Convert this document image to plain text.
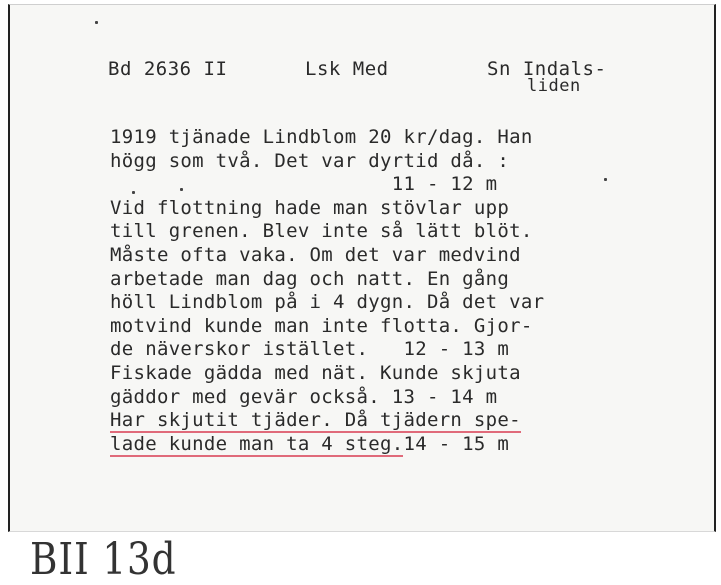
Bd 2636 II	Lsk Med	Sn Indals-
liden
1919 tjänade Lindblom 20 kr/dag. Han
högg som två. Det var dyrtid då. :
11 - 12 m
Vid flottning hade man stövlar upp
till grenen. Blev inte så lätt blöt.
Måste ofta vaka. Om det var medvind
arbetade man dag och natt. En gång
höll Lindblom på i 4 dygn. Då det var
motvind kunde man inte flotta. Gjor-
de näverskor istället.   12 - 13 m
Fiskade gädda med nät. Kunde skjuta
gäddor med gevär också. 13 - 14 m
Har skjutit tjäder. Då tjädern spe-
lade kunde man ta 4 steg.14 - 15 m
BII 13d
